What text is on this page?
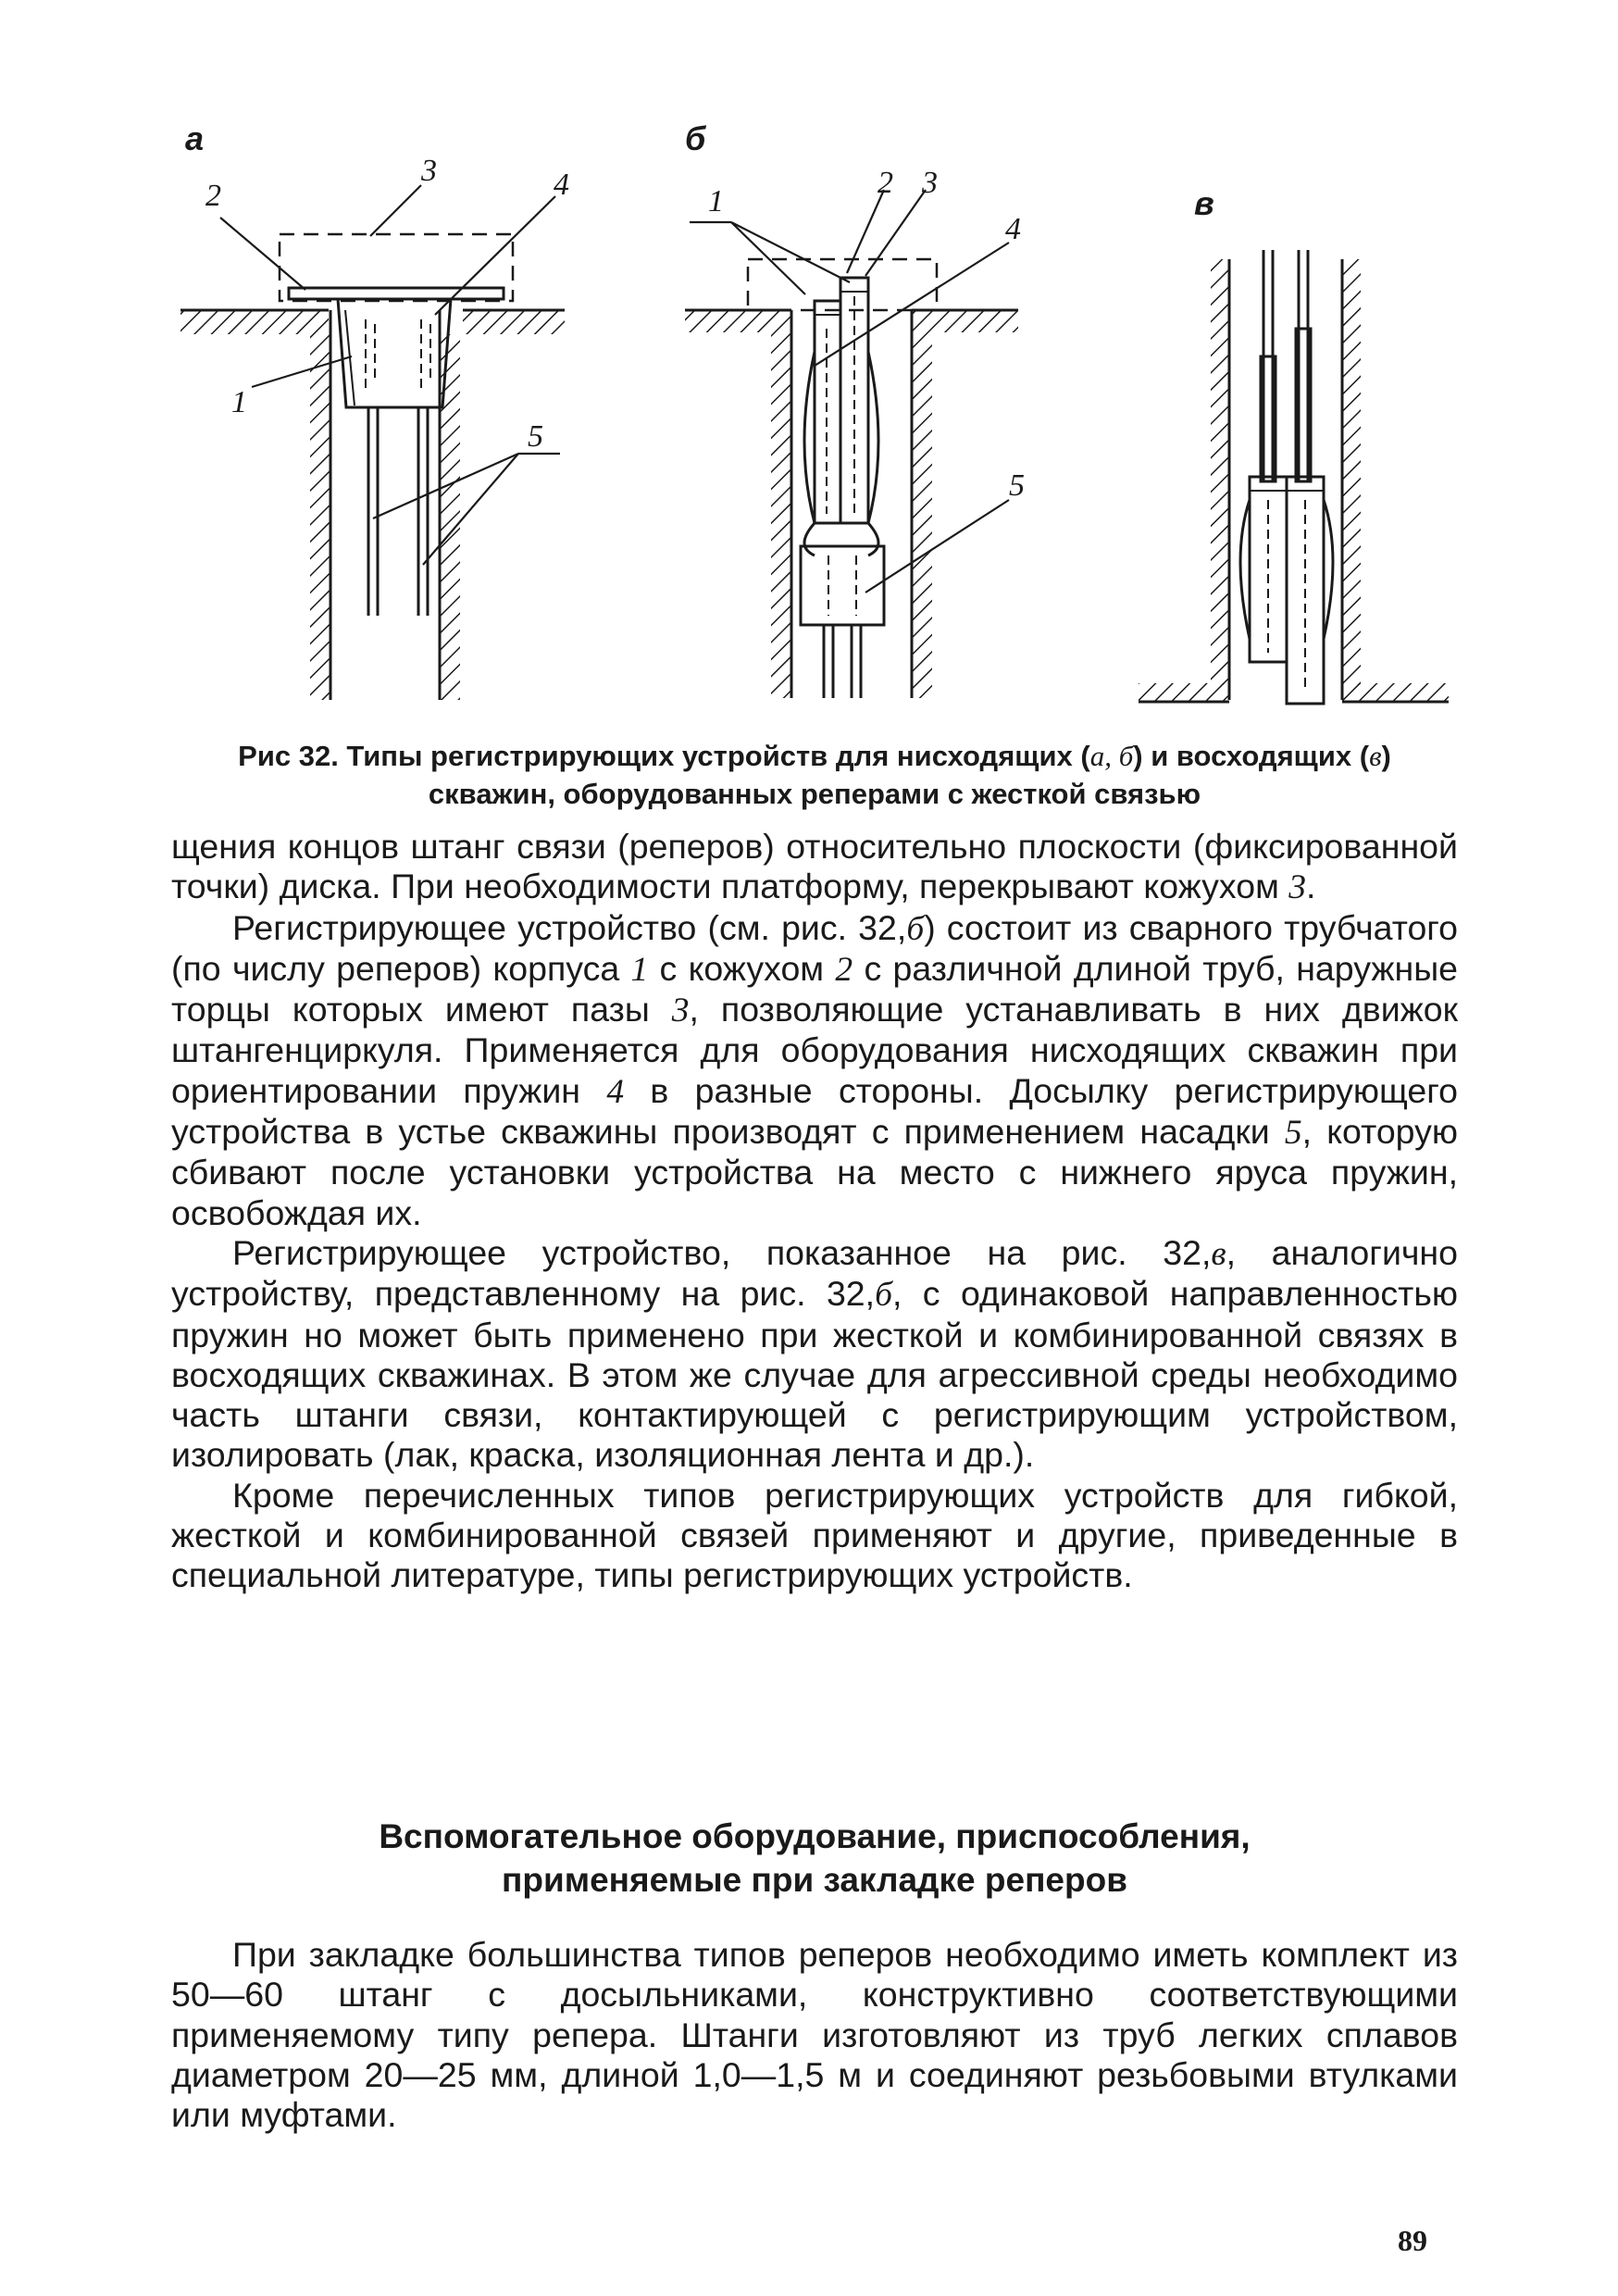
а	б
в
2
3	4
1
5
1
2 3
4
5
Рис 32. Типы регистрирующих устройств для нисходящих (а, б) и восходящих (в)
скважин, оборудованных реперами с жесткой связью

щения концов штанг связи (реперов) относительно плоскости (фиксированной точки) диска. При необходимости платформу, перекрывают кожухом 3.

Регистрирующее устройство (см. рис. 32,б) состоит из сварного трубчатого (по числу реперов) корпуса 1 с кожухом 2 с различной длиной труб, наружные торцы которых имеют пазы 3, позволяющие устанавливать в них движок штангенциркуля. Применяется для оборудования нисходящих скважин при ориентировании пружин 4 в разные стороны. Досылку регистрирующего устройства в устье скважины производят с применением насадки 5, которую сбивают после установки устройства на место с нижнего яруса пружин, освобождая их.

Регистрирующее устройство, показанное на рис. 32,в, аналогично устройству, представленному на рис. 32,б, с одинаковой направленностью пружин но может быть применено при жесткой и комбинированной связях в восходящих скважинах. В этом же случае для агрессивной среды необходимо часть штанги связи, контактирующей с регистрирующим устройством, изолировать (лак, краска, изоляционная лента и др.).

Кроме перечисленных типов регистрирующих устройств для гибкой, жесткой и комбинированной связей применяют и другие, приведенные в специальной литературе, типы регистрирующих устройств.

Вспомогательное оборудование, приспособления,
применяемые при закладке реперов

При закладке большинства типов реперов необходимо иметь комплект из 50—60 штанг с досыльниками, конструктивно соответствующими применяемому типу репера. Штанги изготовляют из труб легких сплавов диаметром 20—25 мм, длиной 1,0—1,5 м и соединяют резьбовыми втулками или муфтами.

89
